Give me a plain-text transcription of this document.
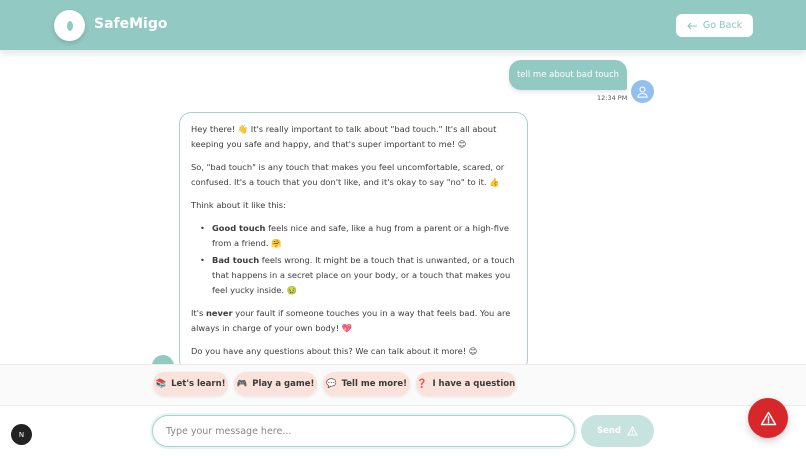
SafeMigo	Go Back
tell me about bad touch
12:34 PM

Hey there! 👋 It's really important to talk about "bad touch." It's all about keeping you safe and happy, and that's super important to me! 😊

So, "bad touch" is any touch that makes you feel uncomfortable, scared, or confused. It's a touch that you don't like, and it's okay to say "no" to it. 👍

Think about it like this:

• Good touch feels nice and safe, like a hug from a parent or a high-five from a friend. 🤗
• Bad touch feels wrong. It might be a touch that is unwanted, or a touch that happens in a secret place on your body, or a touch that makes you feel yucky inside. 🤢

It's never your fault if someone touches you in a way that feels bad. You are always in charge of your own body! 💖

Do you have any questions about this? We can talk about it more! 😊

📚 Let's learn! 🎮 Play a game! 💬 Tell me more! ❓ I have a question
N
Type your message here...	Send
